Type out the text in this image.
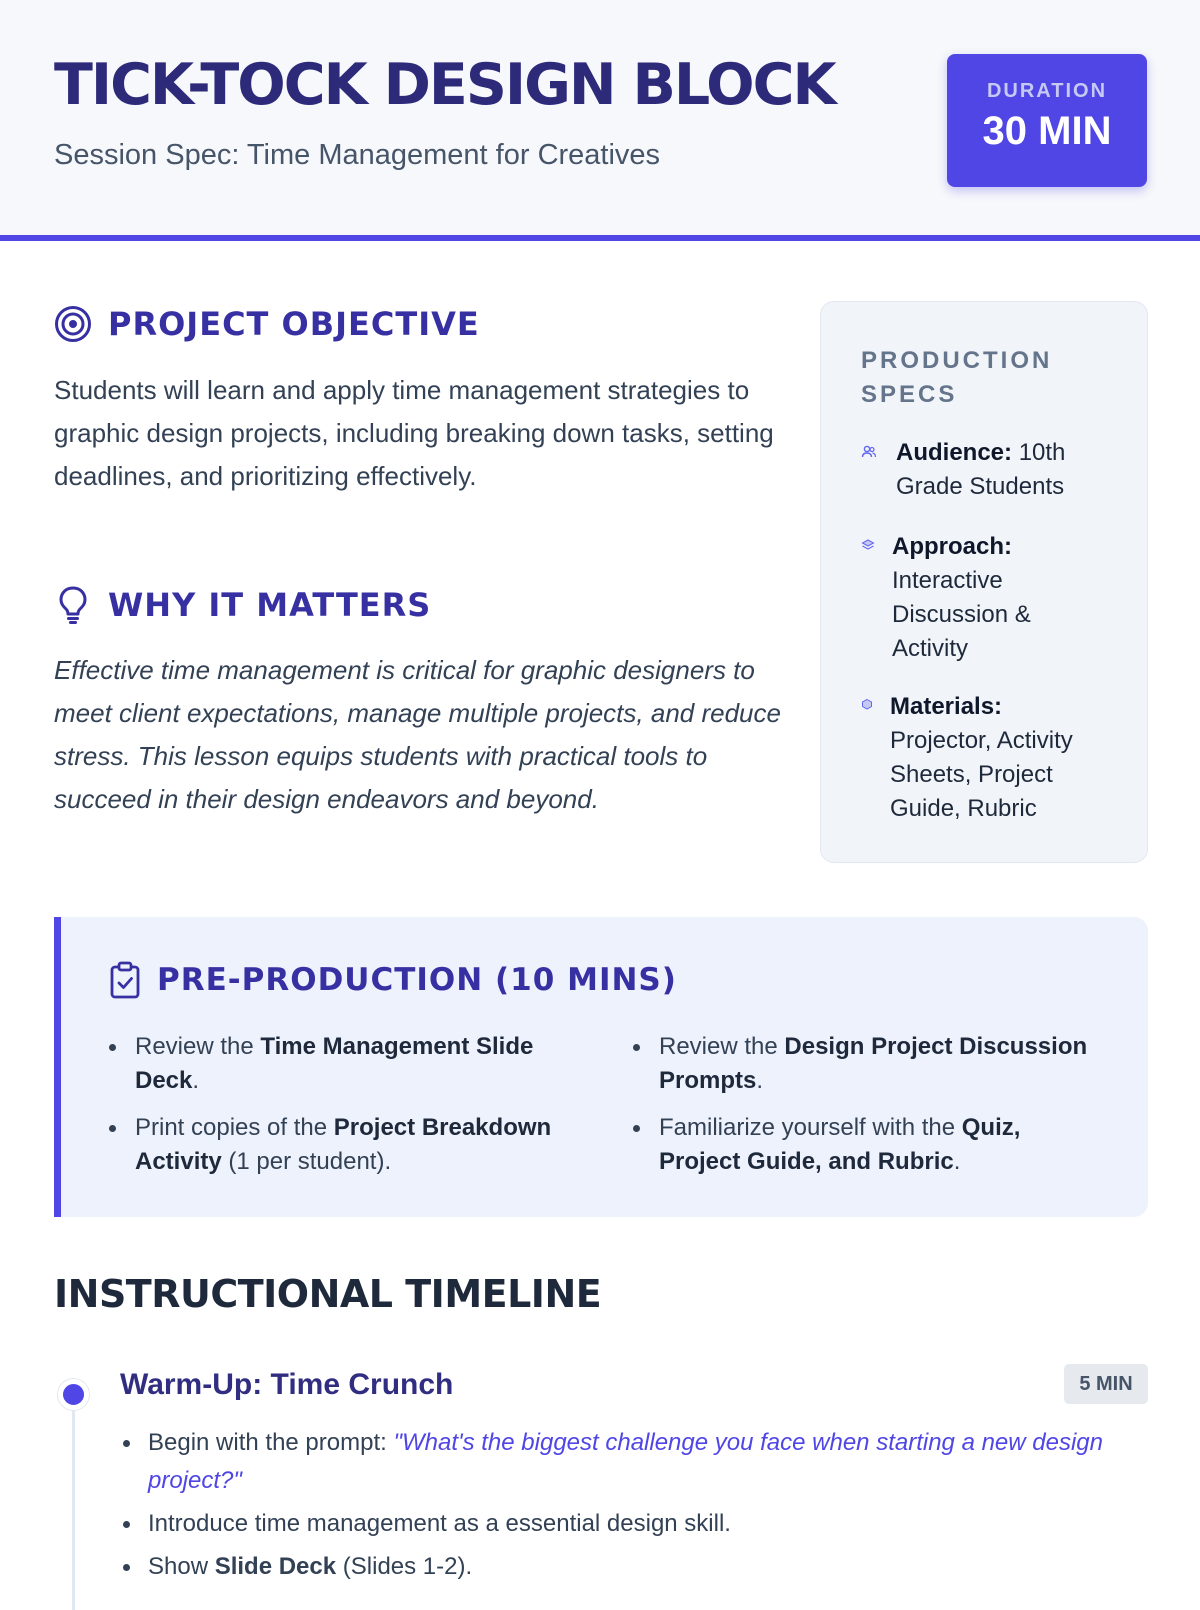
TICK-TOCK DESIGN BLOCK
Session Spec: Time Management for Creatives
DURATION
30 MIN
PROJECT OBJECTIVE
Students will learn and apply time management strategies to graphic design projects, including breaking down tasks, setting deadlines, and prioritizing effectively.
WHY IT MATTERS
Effective time management is critical for graphic designers to meet client expectations, manage multiple projects, and reduce stress. This lesson equips students with practical tools to succeed in their design endeavors and beyond.
PRODUCTION SPECS
Audience: 10th Grade Students
Approach:
Interactive Discussion & Activity
Materials:
Projector, Activity Sheets, Project Guide, Rubric
PRE-PRODUCTION (10 MINS)
Review the Time Management Slide Deck.
Print copies of the Project Breakdown Activity (1 per student).
Review the Design Project Discussion Prompts.
Familiarize yourself with the Quiz, Project Guide, and Rubric.
INSTRUCTIONAL TIMELINE
Warm-Up: Time Crunch	5 MIN
Begin with the prompt: "What's the biggest challenge you face when starting a new design project?"
Introduce time management as a essential design skill.
Show Slide Deck (Slides 1-2).
